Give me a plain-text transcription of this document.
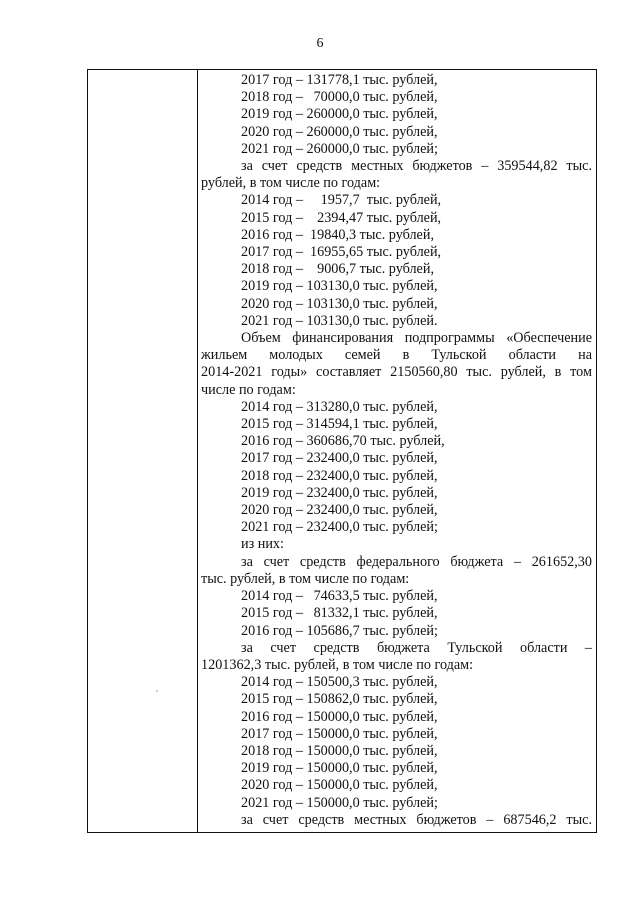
6
2017 год – 131778,1 тыс. рублей,
2018 год –   70000,0 тыс. рублей,
2019 год – 260000,0 тыс. рублей,
2020 год – 260000,0 тыс. рублей,
2021 год – 260000,0 тыс. рублей;
за счет средств местных бюджетов – 359544,82 тыс.
рублей, в том числе по годам:
2014 год –     1957,7  тыс. рублей,
2015 год –    2394,47 тыс. рублей,
2016 год –  19840,3 тыс. рублей,
2017 год –  16955,65 тыс. рублей,
2018 год –    9006,7 тыс. рублей,
2019 год – 103130,0 тыс. рублей,
2020 год – 103130,0 тыс. рублей,
2021 год – 103130,0 тыс. рублей.
Объем финансирования подпрограммы «Обеспечение
жильем молодых семей в Тульской области на
2014-2021 годы» составляет 2150560,80 тыс. рублей, в том
числе по годам:
2014 год – 313280,0 тыс. рублей,
2015 год – 314594,1 тыс. рублей,
2016 год – 360686,70 тыс. рублей,
2017 год – 232400,0 тыс. рублей,
2018 год – 232400,0 тыс. рублей,
2019 год – 232400,0 тыс. рублей,
2020 год – 232400,0 тыс. рублей,
2021 год – 232400,0 тыс. рублей;
из них:
за счет средств федерального бюджета – 261652,30
тыс. рублей, в том числе по годам:
2014 год –   74633,5 тыс. рублей,
2015 год –   81332,1 тыс. рублей,
2016 год – 105686,7 тыс. рублей;
за счет средств бюджета Тульской области –
1201362,3 тыс. рублей, в том числе по годам:
2014 год – 150500,3 тыс. рублей,
2015 год – 150862,0 тыс. рублей,
2016 год – 150000,0 тыс. рублей,
2017 год – 150000,0 тыс. рублей,
2018 год – 150000,0 тыс. рублей,
2019 год – 150000,0 тыс. рублей,
2020 год – 150000,0 тыс. рублей,
2021 год – 150000,0 тыс. рублей;
за счет средств местных бюджетов – 687546,2 тыс.
